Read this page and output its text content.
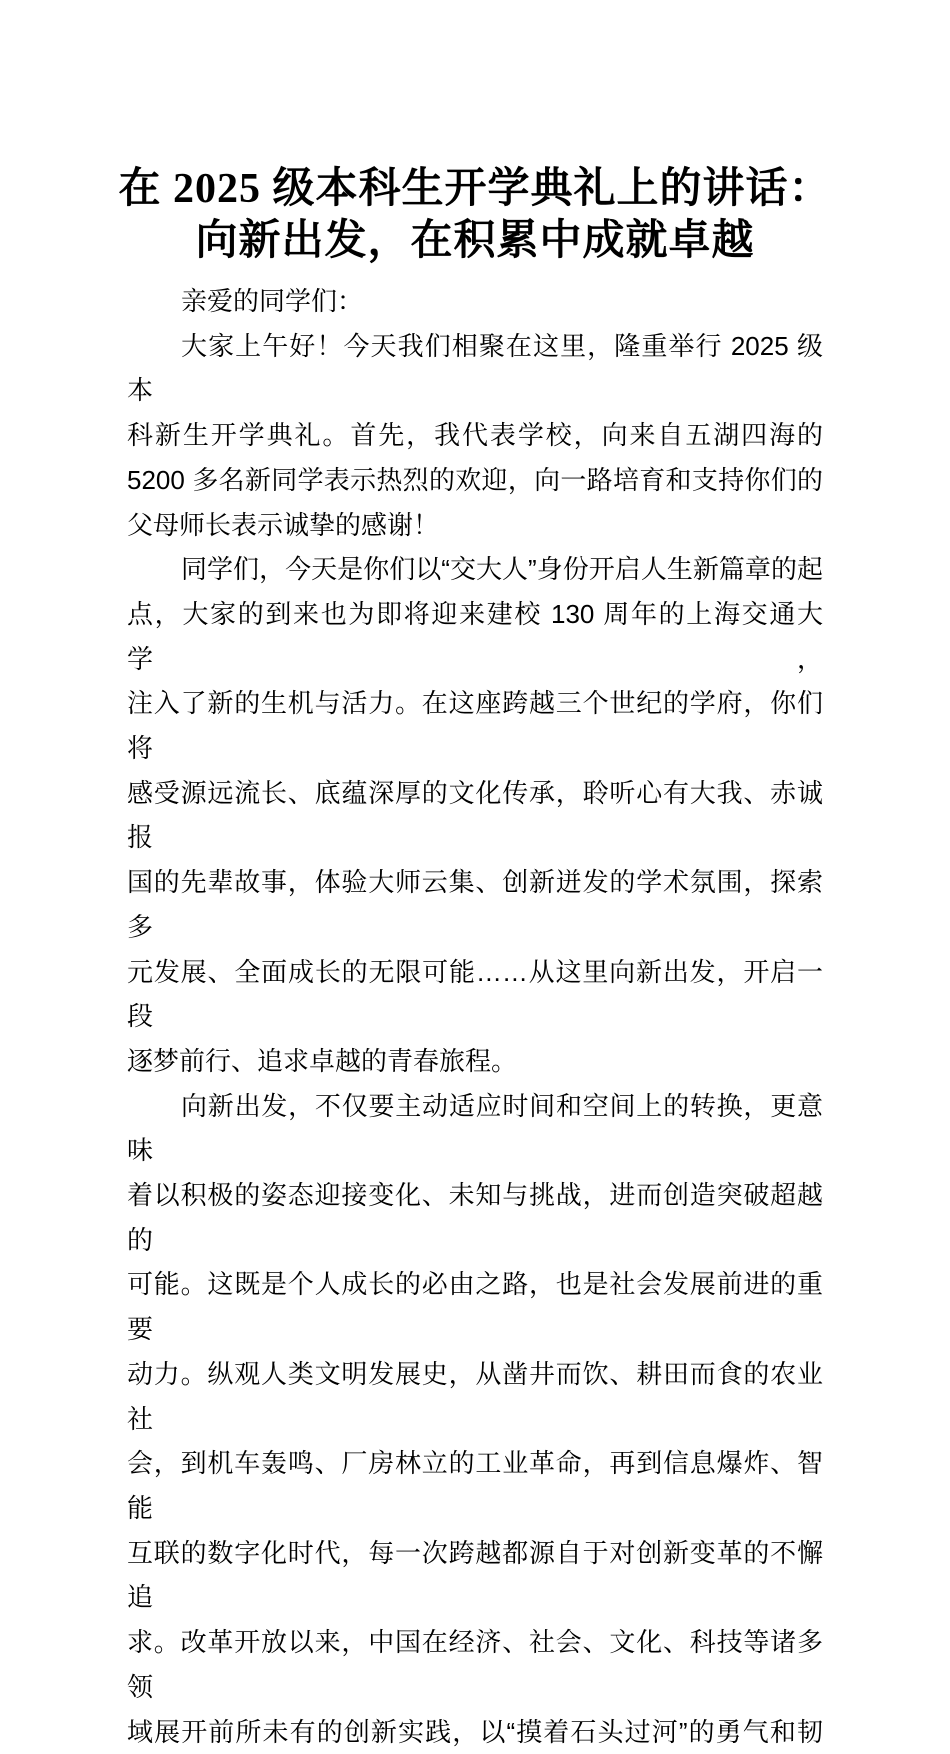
在 2025 级本科生开学典礼上的讲话：
向新出发，在积累中成就卓越

亲爱的同学们：

大家上午好！今天我们相聚在这里，隆重举行 2025 级本
科新生开学典礼。首先，我代表学校，向来自五湖四海的
5200 多名新同学表示热烈的欢迎，向一路培育和支持你们的
父母师长表示诚挚的感谢！

同学们，今天是你们以“交大人”身份开启人生新篇章的起
点，大家的到来也为即将迎来建校 130 周年的上海交通大学，
注入了新的生机与活力。在这座跨越三个世纪的学府，你们将
感受源远流长、底蕴深厚的文化传承，聆听心有大我、赤诚报
国的先辈故事，体验大师云集、创新迸发的学术氛围，探索多
元发展、全面成长的无限可能……从这里向新出发，开启一段
逐梦前行、追求卓越的青春旅程。

向新出发，不仅要主动适应时间和空间上的转换，更意味
着以积极的姿态迎接变化、未知与挑战，进而创造突破超越的
可能。这既是个人成长的必由之路，也是社会发展前进的重要
动力。纵观人类文明发展史，从凿井而饮、耕田而食的农业社
会，到机车轰鸣、厂房林立的工业革命，再到信息爆炸、智能
互联的数字化时代，每一次跨越都源自于对创新变革的不懈追
求。改革开放以来，中国在经济、社会、文化、科技等诸多领
域展开前所未有的创新实践，以“摸着石头过河”的勇气和韧
